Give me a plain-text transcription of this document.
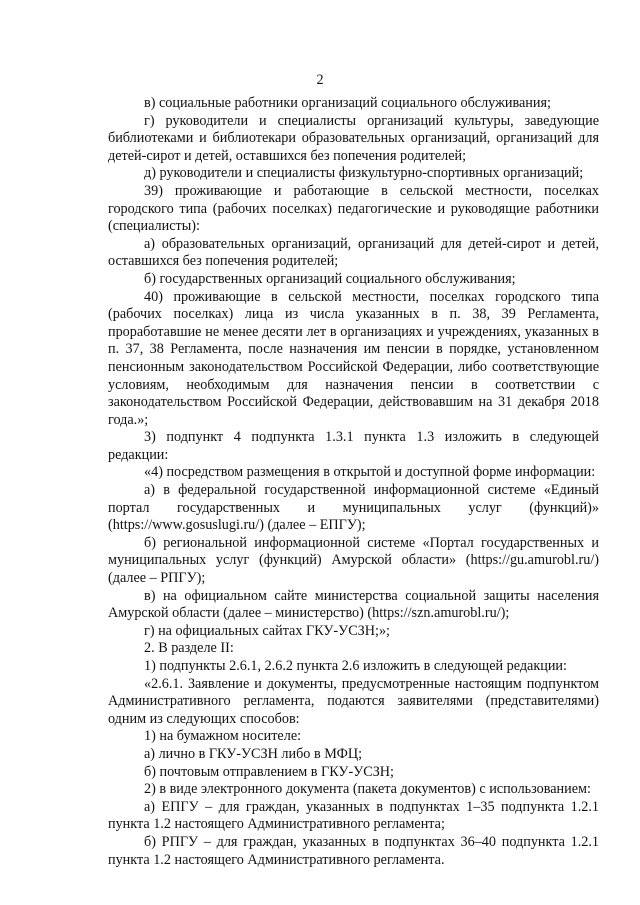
2

в) социальные работники организаций социального обслуживания;

г) руководители и специалисты организаций культуры, заведующие библиотеками и библиотекари образовательных организаций, организаций для детей-сирот и детей, оставшихся без попечения родителей;

д) руководители и специалисты физкультурно-спортивных организаций;

39) проживающие и работающие в сельской местности, поселках городского типа (рабочих поселках) педагогические и руководящие работники (специалисты):

а) образовательных организаций, организаций для детей-сирот и детей, оставшихся без попечения родителей;

б) государственных организаций социального обслуживания;

40) проживающие в сельской местности, поселках городского типа (рабочих поселках) лица из числа указанных в п. 38, 39 Регламента, проработавшие не менее десяти лет в организациях и учреждениях, указанных в п. 37, 38 Регламента, после назначения им пенсии в порядке, установленном пенсионным законодательством Российской Федерации, либо соответствующие условиям, необходимым для назначения пенсии в соответствии с законодательством Российской Федерации, действовавшим на 31 декабря 2018 года.»;

3) подпункт 4 подпункта 1.3.1 пункта 1.3 изложить в следующей редакции:

«4) посредством размещения в открытой и доступной форме информации:

а) в федеральной государственной информационной системе «Единый портал государственных и муниципальных услуг (функций)» (https://www.gosuslugi.ru/) (далее – ЕПГУ);

б) региональной информационной системе «Портал государственных и муниципальных услуг (функций) Амурской области» (https://gu.amurobl.ru/) (далее – РПГУ);

в) на официальном сайте министерства социальной защиты населения Амурской области (далее – министерство) (https://szn.amurobl.ru/);

г) на официальных сайтах ГКУ-УСЗН;»;

2. В разделе II:

1) подпункты 2.6.1, 2.6.2 пункта 2.6 изложить в следующей редакции:

«2.6.1. Заявление и документы, предусмотренные настоящим подпунктом Административного регламента, подаются заявителями (представителями) одним из следующих способов:

1) на бумажном носителе:

а) лично в ГКУ-УСЗН либо в МФЦ;

б) почтовым отправлением в ГКУ-УСЗН;

2) в виде электронного документа (пакета документов) с использованием:

а) ЕПГУ – для граждан, указанных в подпунктах 1–35 подпункта 1.2.1 пункта 1.2 настоящего Административного регламента;

б) РПГУ – для граждан, указанных в подпунктах 36–40 подпункта 1.2.1 пункта 1.2 настоящего Административного регламента.
